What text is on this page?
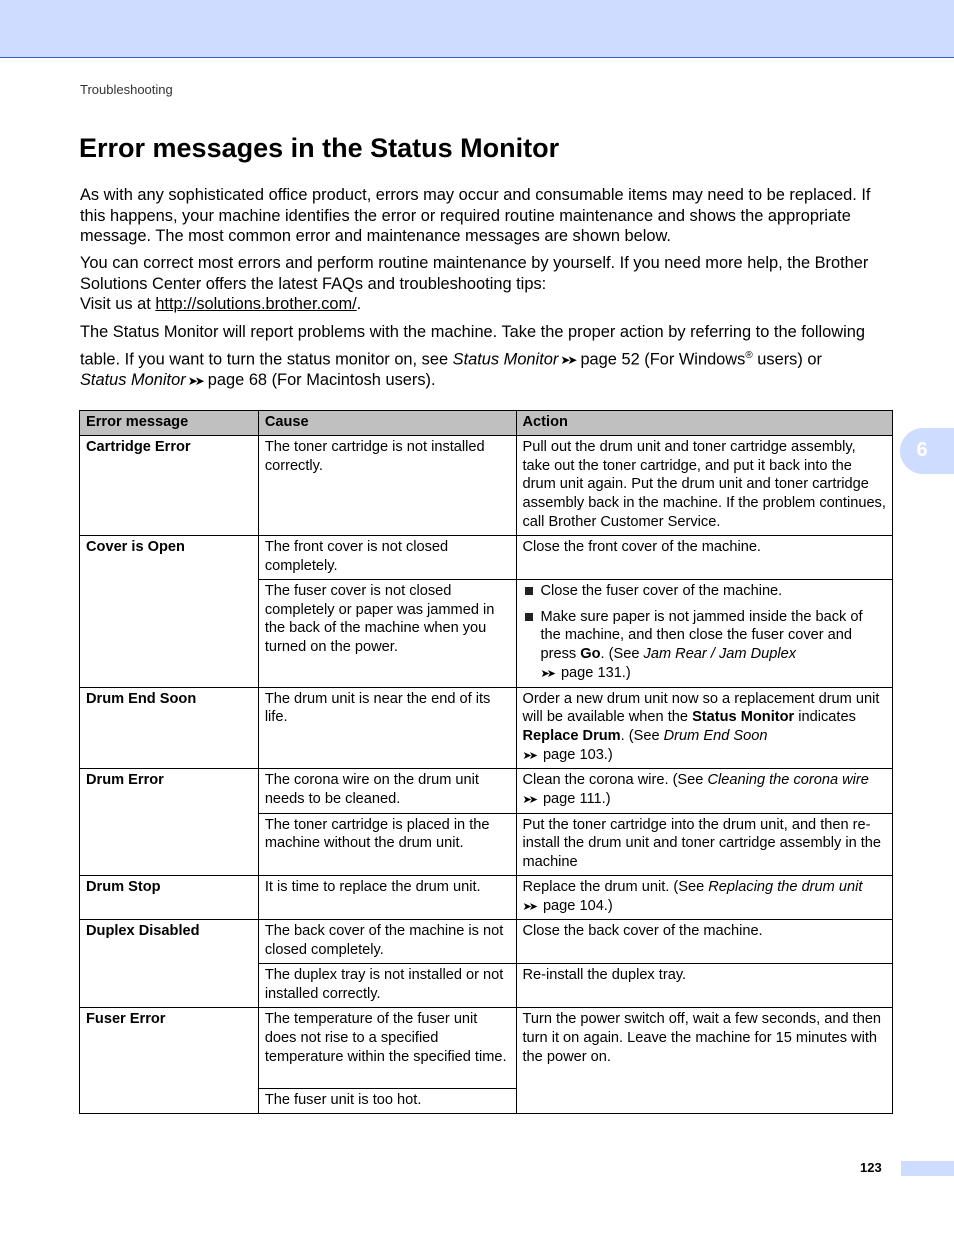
Troubleshooting
Error messages in the Status Monitor

As with any sophisticated office product, errors may occur and consumable items may need to be replaced. If this happens, your machine identifies the error or required routine maintenance and shows the appropriate message. The most common error and maintenance messages are shown below.

You can correct most errors and perform routine maintenance by yourself. If you need more help, the Brother Solutions Center offers the latest FAQs and troubleshooting tips:
Visit us at http://solutions.brother.com/.

The Status Monitor will report problems with the machine. Take the proper action by referring to the following
table. If you want to turn the status monitor on, see Status Monitor ➤➤ page 52 (For Windows® users) or
Status Monitor ➤➤ page 68 (For Macintosh users).

Error message	Cause	Action
Cartridge Error	The toner cartridge is not installed correctly.	Pull out the drum unit and toner cartridge assembly, take out the toner cartridge, and put it back into the drum unit again. Put the drum unit and toner cartridge assembly back in the machine. If the problem continues, call Brother Customer Service.
Cover is Open	The front cover is not closed completely.	Close the front cover of the machine.
	The fuser cover is not closed completely or paper was jammed in the back of the machine when you turned on the power.	Close the fuser cover of the machine.
Make sure paper is not jammed inside the back of the machine, and then close the fuser cover and press Go. (See Jam Rear / Jam Duplex
➤➤ page 131.)

Drum End Soon	The drum unit is near the end of its life.	Order a new drum unit now so a replacement drum unit will be available when the Status Monitor indicates Replace Drum. (See Drum End Soon
➤➤ page 103.)
Drum Error	The corona wire on the drum unit needs to be cleaned.	Clean the corona wire. (See Cleaning the corona wire
➤➤ page 111.)
	The toner cartridge is placed in the machine without the drum unit.	Put the toner cartridge into the drum unit, and then re-install the drum unit and toner cartridge assembly in the machine
Drum Stop	It is time to replace the drum unit.	Replace the drum unit. (See Replacing the drum unit
➤➤ page 104.)
Duplex Disabled	The back cover of the machine is not closed completely.	Close the back cover of the machine.
	The duplex tray is not installed or not installed correctly.	Re-install the duplex tray.
Fuser Error	The temperature of the fuser unit does not rise to a specified temperature within the specified time.	Turn the power switch off, wait a few seconds, and then turn it on again. Leave the machine for 15 minutes with the power on.
	The fuser unit is too hot.	
6
123
